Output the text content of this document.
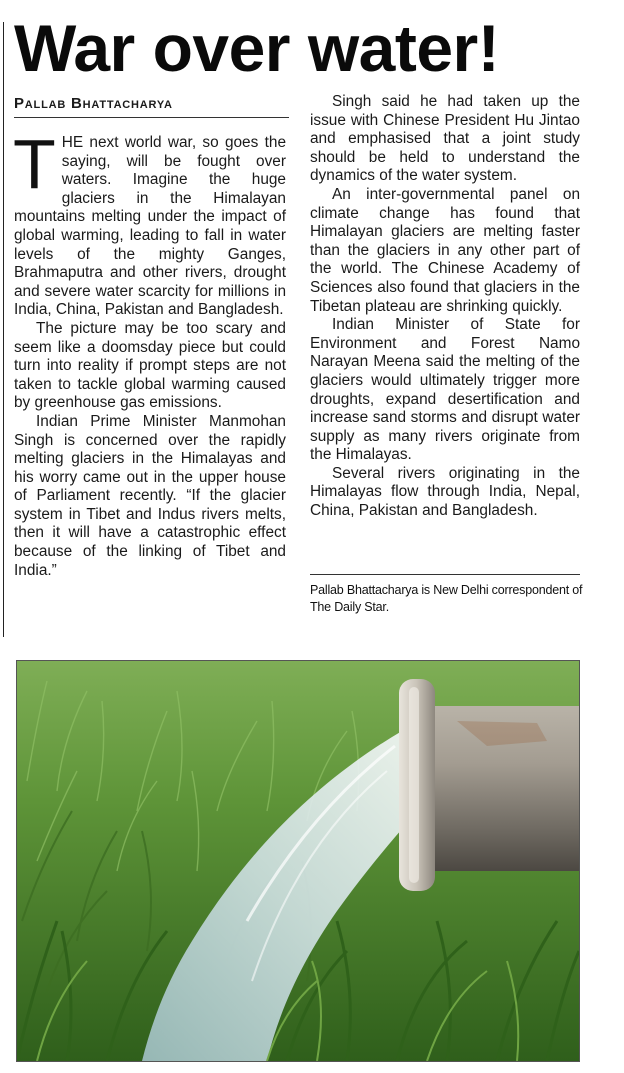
War over water!
Pallab Bhattacharya

THE next world war, so goes the saying, will be fought over waters. Imagine the huge glaciers in the Himalayan mountains melting under the impact of global warming, leading to fall in water levels of the mighty Ganges, Brahmaputra and other rivers, drought and severe water scarcity for millions in India, China, Pakistan and Bangladesh.

The picture may be too scary and seem like a doomsday piece but could turn into reality if prompt steps are not taken to tackle global warming caused by greenhouse gas emissions.

Indian Prime Minister Manmohan Singh is concerned over the rapidly melting glaciers in the Himalayas and his worry came out in the upper house of Parliament recently. “If the glacier system in Tibet and Indus rivers melts, then it will have a catastrophic effect because of the linking of Tibet and India.”

Singh said he had taken up the issue with Chinese President Hu Jintao and emphasised that a joint study should be held to understand the dynamics of the water system.

An inter-governmental panel on climate change has found that Himalayan glaciers are melting faster than the glaciers in any other part of the world. The Chinese Academy of Sciences also found that glaciers in the Tibetan plateau are shrinking quickly.

Indian Minister of State for Environment and Forest Namo Narayan Meena said the melting of the glaciers would ultimately trigger more droughts, expand desertification and increase sand storms and disrupt water supply as many rivers originate from the Himalayas.

Several rivers originating in the Himalayas flow through India, Nepal, China, Pakistan and Bangladesh.

Pallab Bhattacharya is New Delhi correspondent of The Daily Star.
